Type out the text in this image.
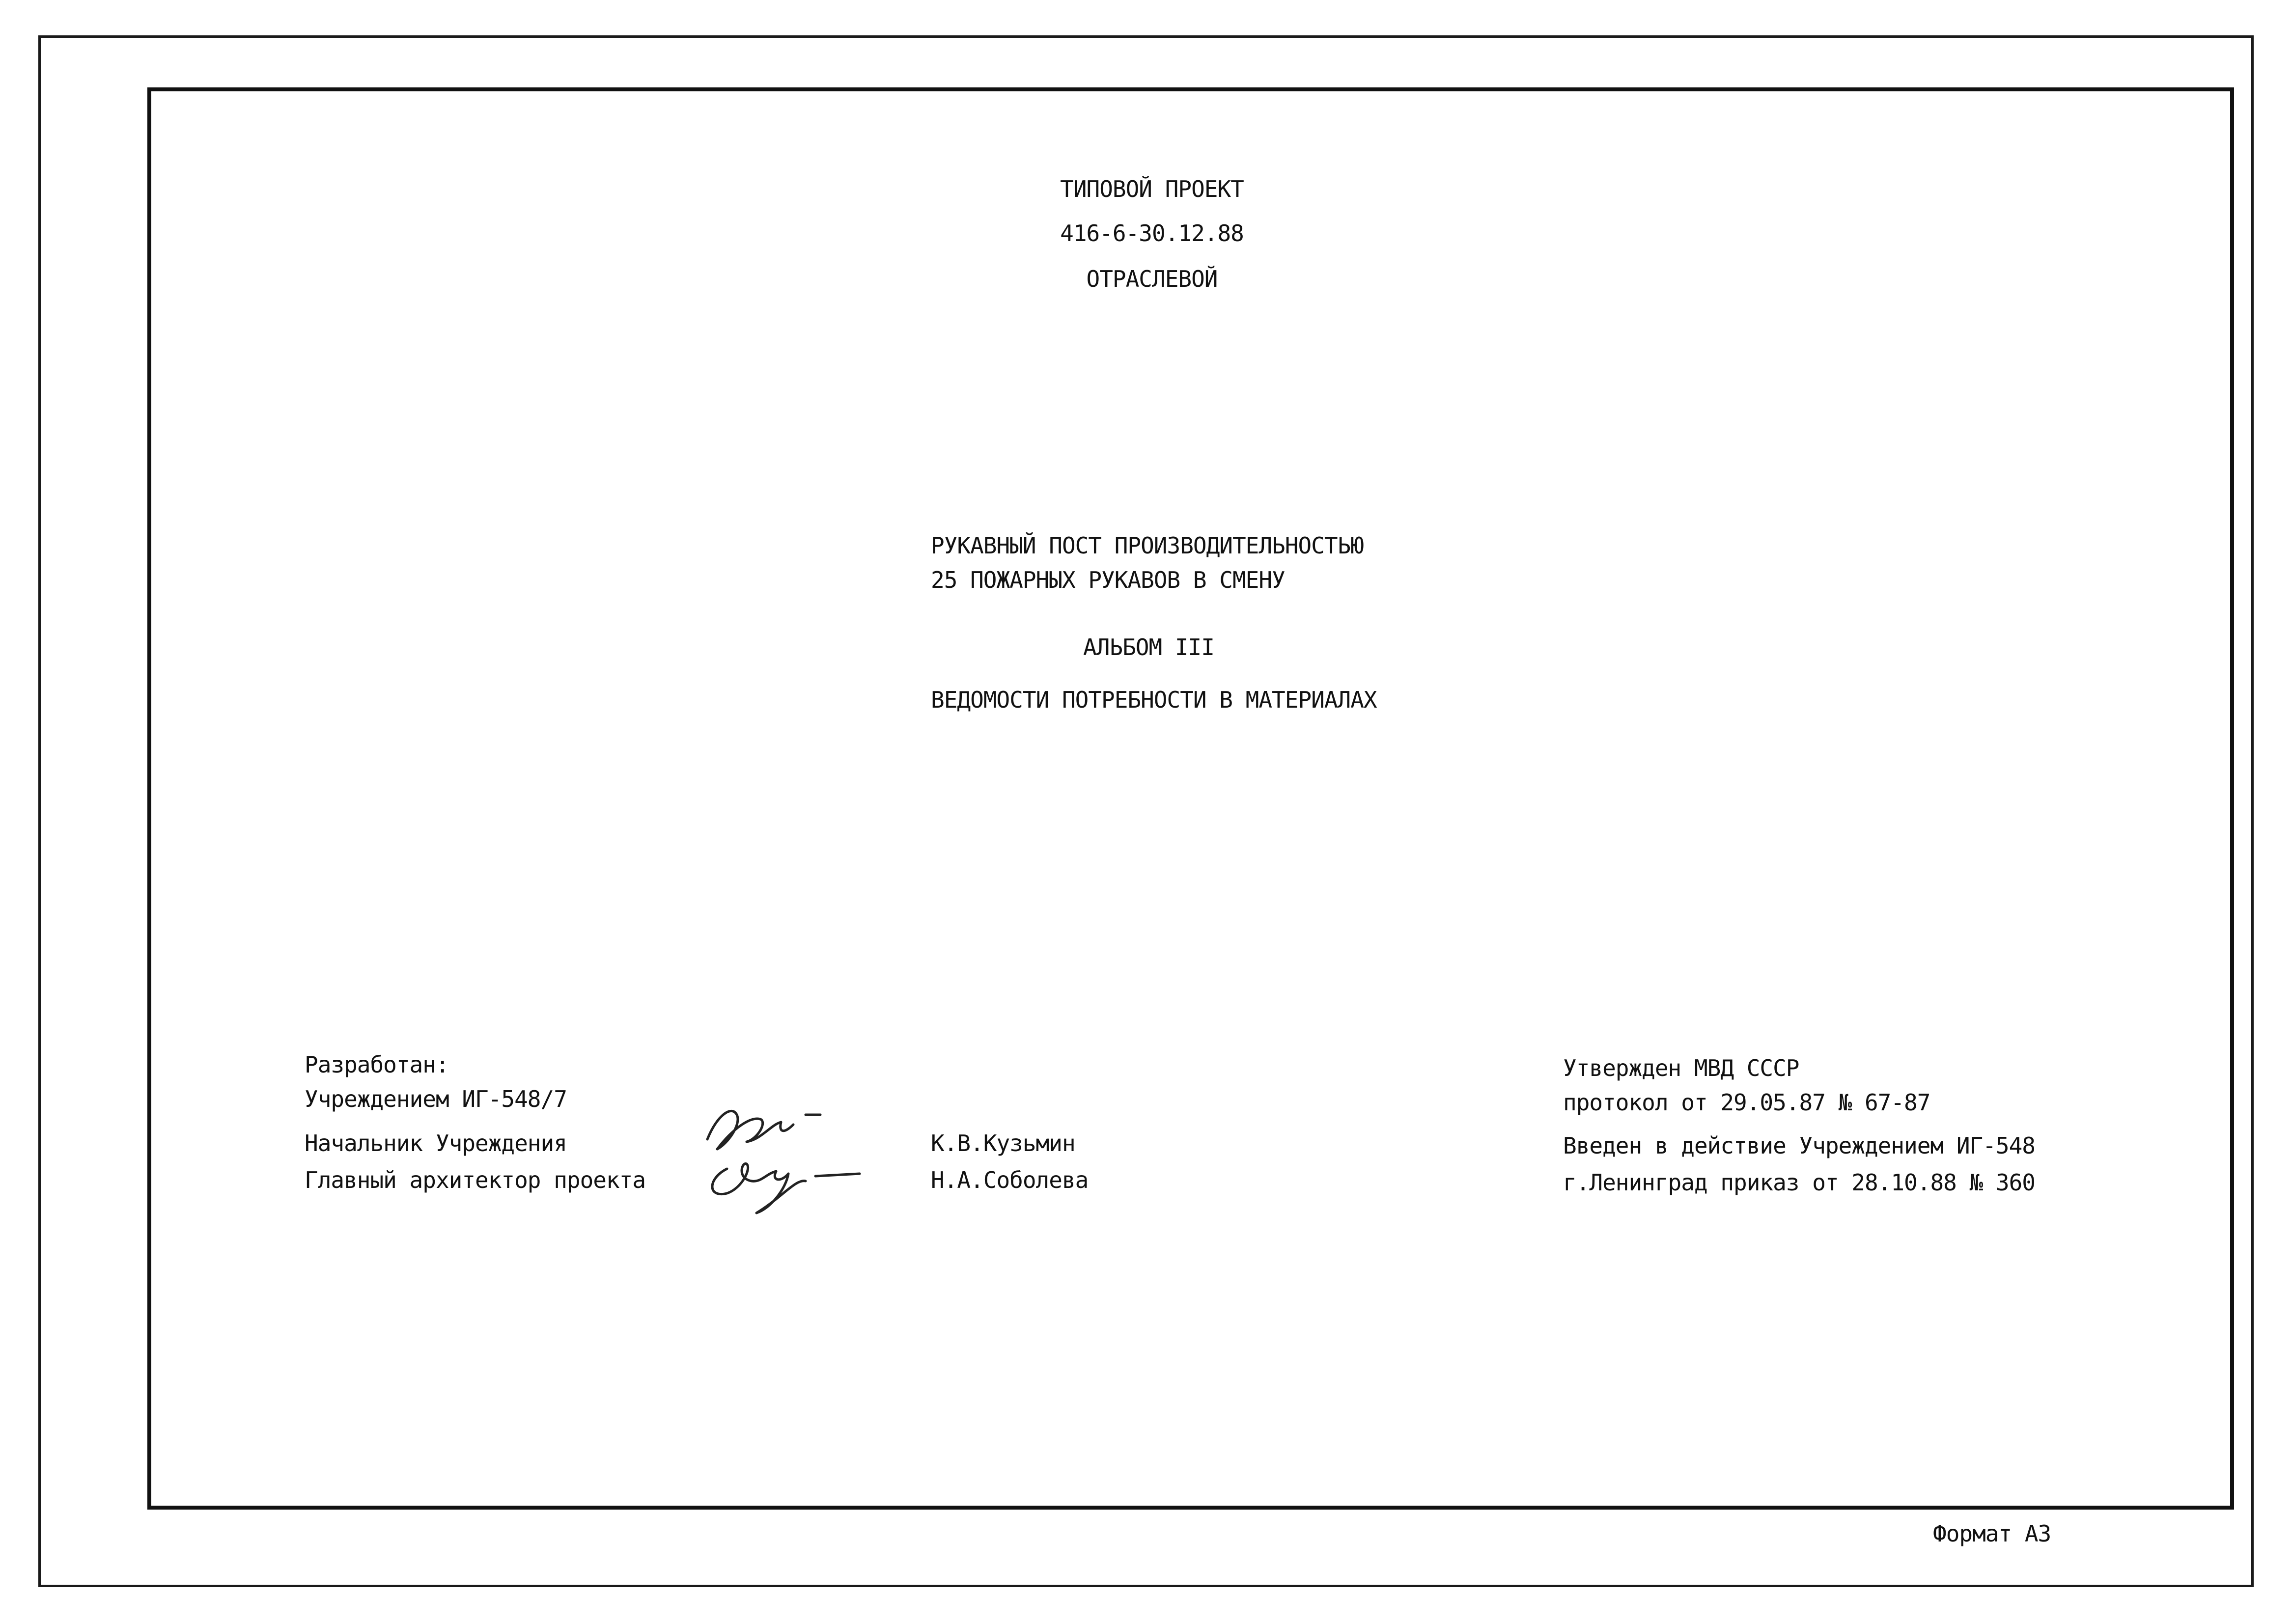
ТИПОВОЙ ПРОЕКТ
416-6-30.12.88
ОТРАСЛЕВОЙ
РУКАВНЫЙ ПОСТ ПРОИЗВОДИТЕЛЬНОСТЬЮ
25 ПОЖАРНЫХ РУКАВОВ В СМЕНУ
АЛЬБОМ III
ВЕДОМОСТИ ПОТРЕБНОСТИ В МАТЕРИАЛАХ
Разработан:
Учреждением ИГ-548/7
Начальник Учреждения
Главный архитектор проекта
К.В.Кузьмин
Н.А.Соболева
Утвержден МВД СССР
протокол от 29.05.87 № 67-87
Введен в действие Учреждением ИГ-548
г.Ленинград приказ от 28.10.88 № 360
Формат А3
